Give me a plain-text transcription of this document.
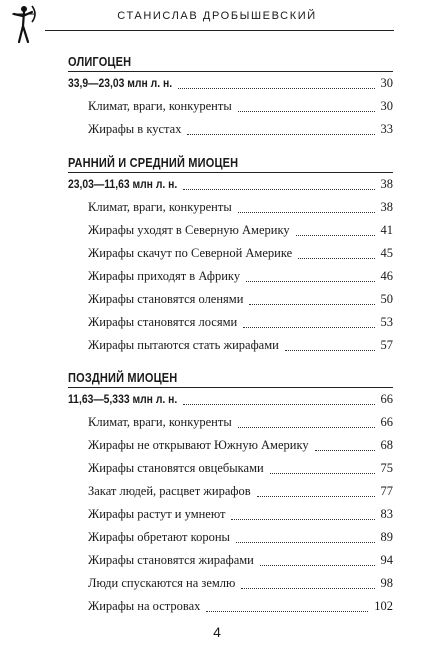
СТАНИСЛАВ ДРОБЫШЕВСКИЙ
ОЛИГОЦЕН
33,9—23,03 млн л. н.	30
Климат, враги, конкуренты	30
Жирафы в кустах	33
РАННИЙ И СРЕДНИЙ МИОЦЕН
23,03—11,63 млн л. н.	38
Климат, враги, конкуренты	38
Жирафы уходят в Северную Америку	41
Жирафы скачут по Северной Америке	45
Жирафы приходят в Африку	46
Жирафы становятся оленями	50
Жирафы становятся лосями	53
Жирафы пытаются стать жирафами	57
ПОЗДНИЙ МИОЦЕН
11,63—5,333 млн л. н.	66
Климат, враги, конкуренты	66
Жирафы не открывают Южную Америку	68
Жирафы становятся овцебыками	75
Закат людей, расцвет жирафов	77
Жирафы растут и умнеют	83
Жирафы обретают короны	89
Жирафы становятся жирафами	94
Люди спускаются на землю	98
Жирафы на островах	102
4
